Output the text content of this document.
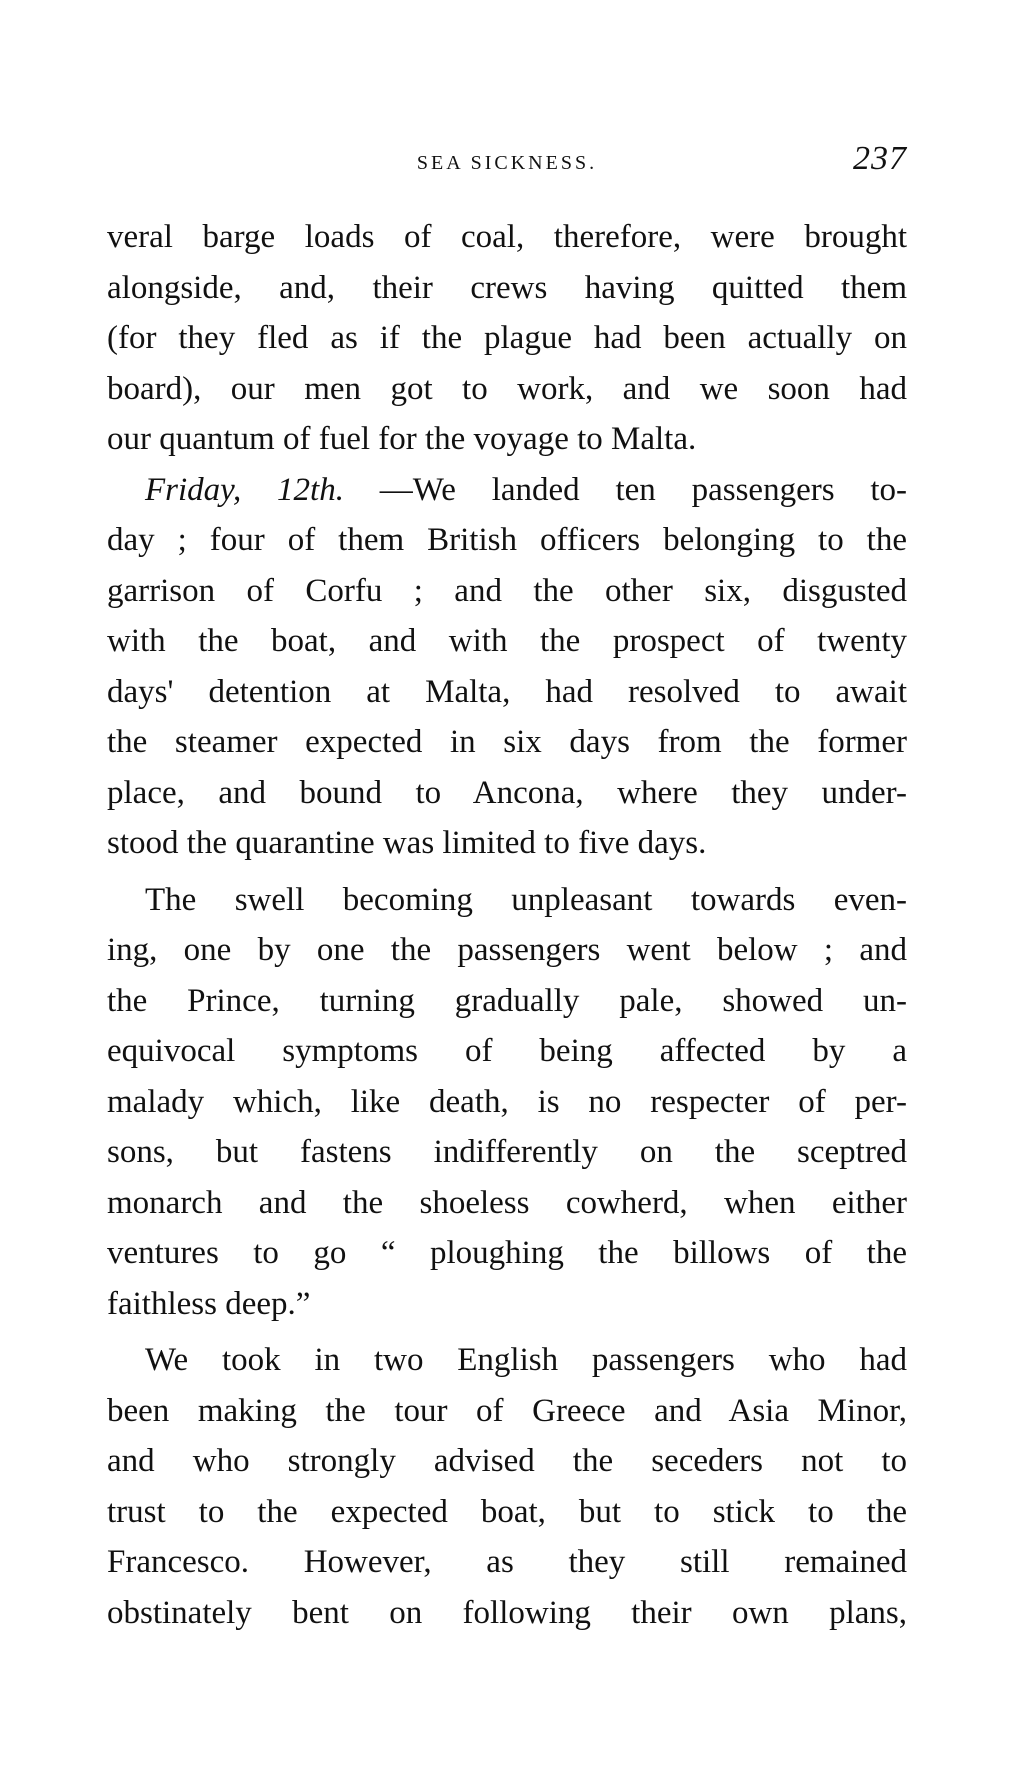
SEA SICKNESS.	237
veral barge loads of coal, therefore, were brought
alongside, and, their crews having quitted them
(for they fled as if the plague had been actually on
board), our men got to work, and we soon had
our quantum of fuel for the voyage to Malta.
Friday, 12th. —We landed ten passengers to-
day ; four of them British officers belonging to the
garrison of Corfu ; and the other six, disgusted
with the boat, and with the prospect of twenty
days' detention at Malta, had resolved to await
the steamer expected in six days from the former
place, and bound to Ancona, where they under-
stood the quarantine was limited to five days.
The swell becoming unpleasant towards even-
ing, one by one the passengers went below ; and
the Prince, turning gradually pale, showed un-
equivocal symptoms of being affected by a
malady which, like death, is no respecter of per-
sons, but fastens indifferently on the sceptred
monarch and the shoeless cowherd, when either
ventures to go “ ploughing the billows of the
faithless deep.”
We took in two English passengers who had
been making the tour of Greece and Asia Minor,
and who strongly advised the seceders not to
trust to the expected boat, but to stick to the
Francesco. However, as they still remained
obstinately bent on following their own plans,
